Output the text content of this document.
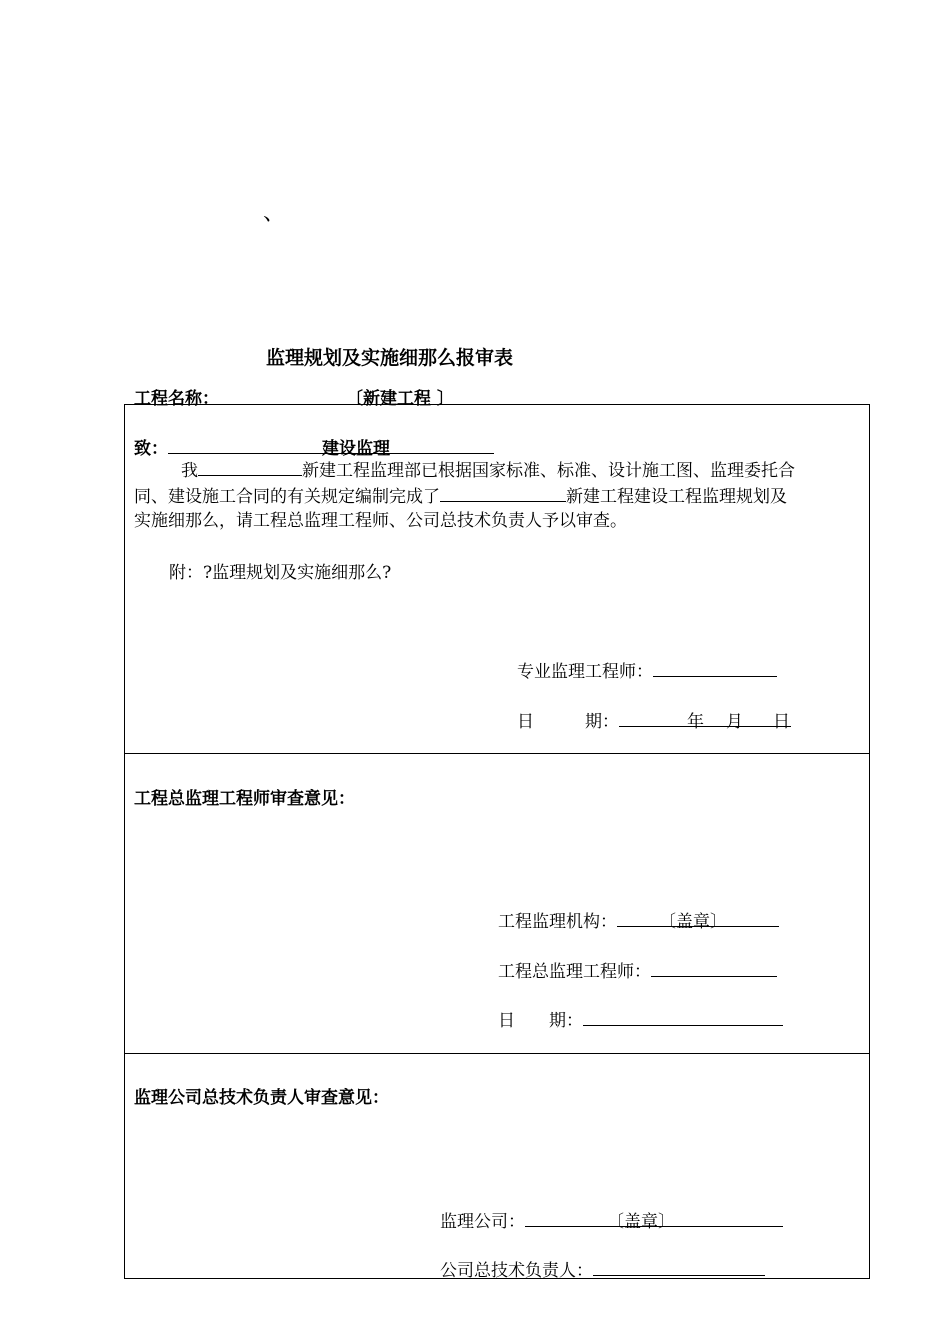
、
监理规划及实施细那么报审表
工程名称：	〔新建工程 〕
致：	建设监理
我	新建工程监理部已根据国家标准、标准、设计施工图、监理委托合
同、建设施工合同的有关规定编制完成了	新建工程建设工程监理规划及
实施细那么，请工程总监理工程师、公司总技术负责人予以审查。
附：?监理规划及实施细那么?
专业监理工程师：
日　　　期：	年 月 日
工程总监理工程师审查意见：
工程监理机构： 〔盖章〕
工程总监理工程师：
日　　期：
监理公司总技术负责人审查意见：
监理公司：	〔盖章〕
公司总技术负责人：
